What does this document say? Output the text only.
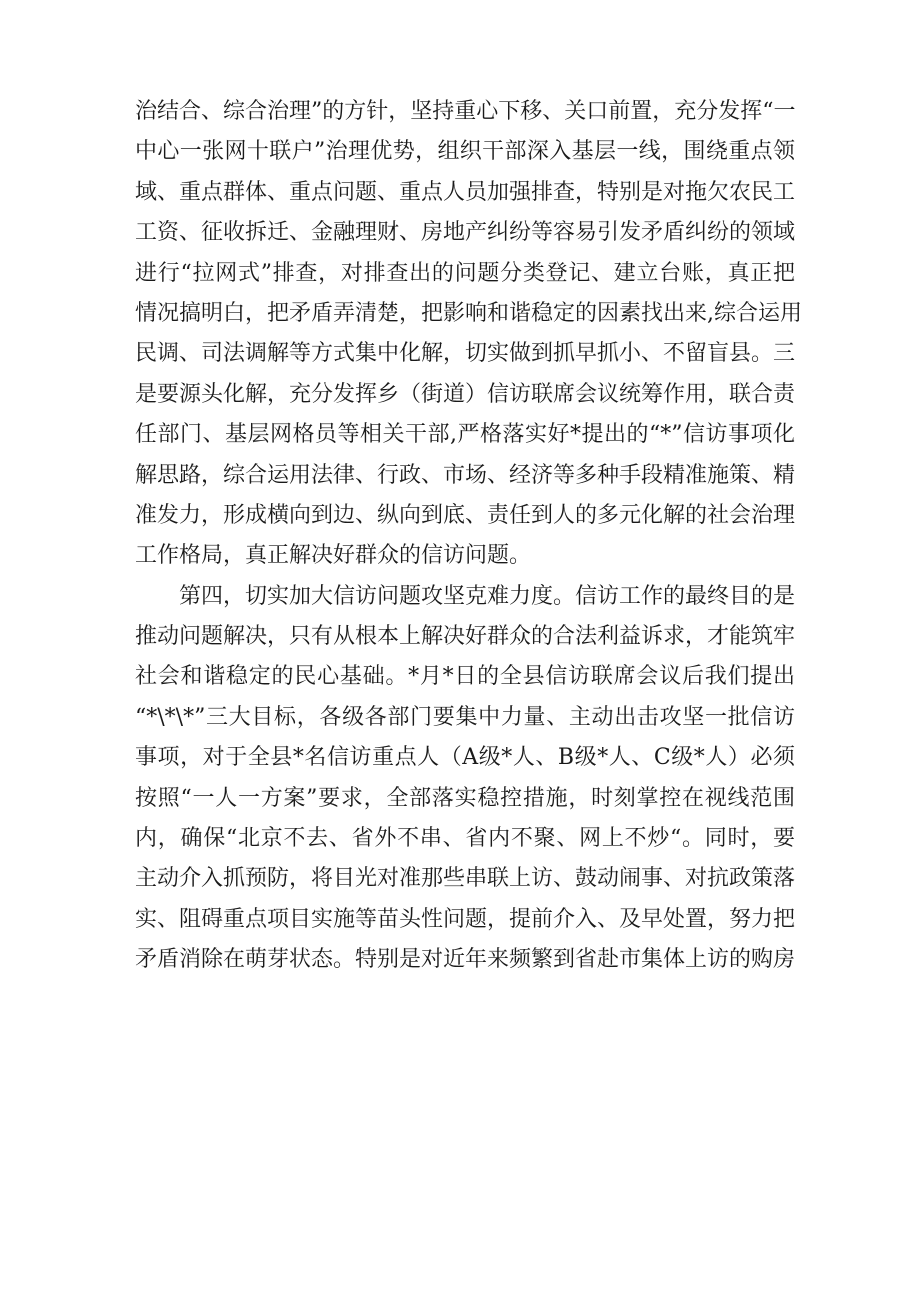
治结合、综合治理”的方针，坚持重心下移、关口前置，充分发挥“一
中心一张网十联户”治理优势，组织干部深入基层一线，围绕重点领
域、重点群体、重点问题、重点人员加强排查，特别是对拖欠农民工
工资、征收拆迁、金融理财、房地产纠纷等容易引发矛盾纠纷的领域
进行“拉网式”排查，对排查出的问题分类登记、建立台账，真正把
情况搞明白，把矛盾弄清楚，把影响和谐稳定的因素找出来,综合运用
民调、司法调解等方式集中化解，切实做到抓早抓小、不留盲县。三
是要源头化解，充分发挥乡（街道）信访联席会议统筹作用，联合责
任部门、基层网格员等相关干部,严格落实好*提出的“*”信访事项化
解思路，综合运用法律、行政、市场、经济等多种手段精准施策、精
准发力，形成横向到边、纵向到底、责任到人的多元化解的社会治理
工作格局，真正解决好群众的信访问题。
第四，切实加大信访问题攻坚克难力度。信访工作的最终目的是
推动问题解决，只有从根本上解决好群众的合法利益诉求，才能筑牢
社会和谐稳定的民心基础。*月*日的全县信访联席会议后我们提出
“*\*\*”三大目标，各级各部门要集中力量、主动出击攻坚一批信访
事项，对于全县*名信访重点人（A级*人、B级*人、C级*人）必须
按照“一人一方案”要求，全部落实稳控措施，时刻掌控在视线范围
内，确保“北京不去、省外不串、省内不聚、网上不炒“。同时，要
主动介入抓预防，将目光对准那些串联上访、鼓动闹事、对抗政策落
实、阻碍重点项目实施等苗头性问题，提前介入、及早处置，努力把
矛盾消除在萌芽状态。特别是对近年来频繁到省赴市集体上访的购房
